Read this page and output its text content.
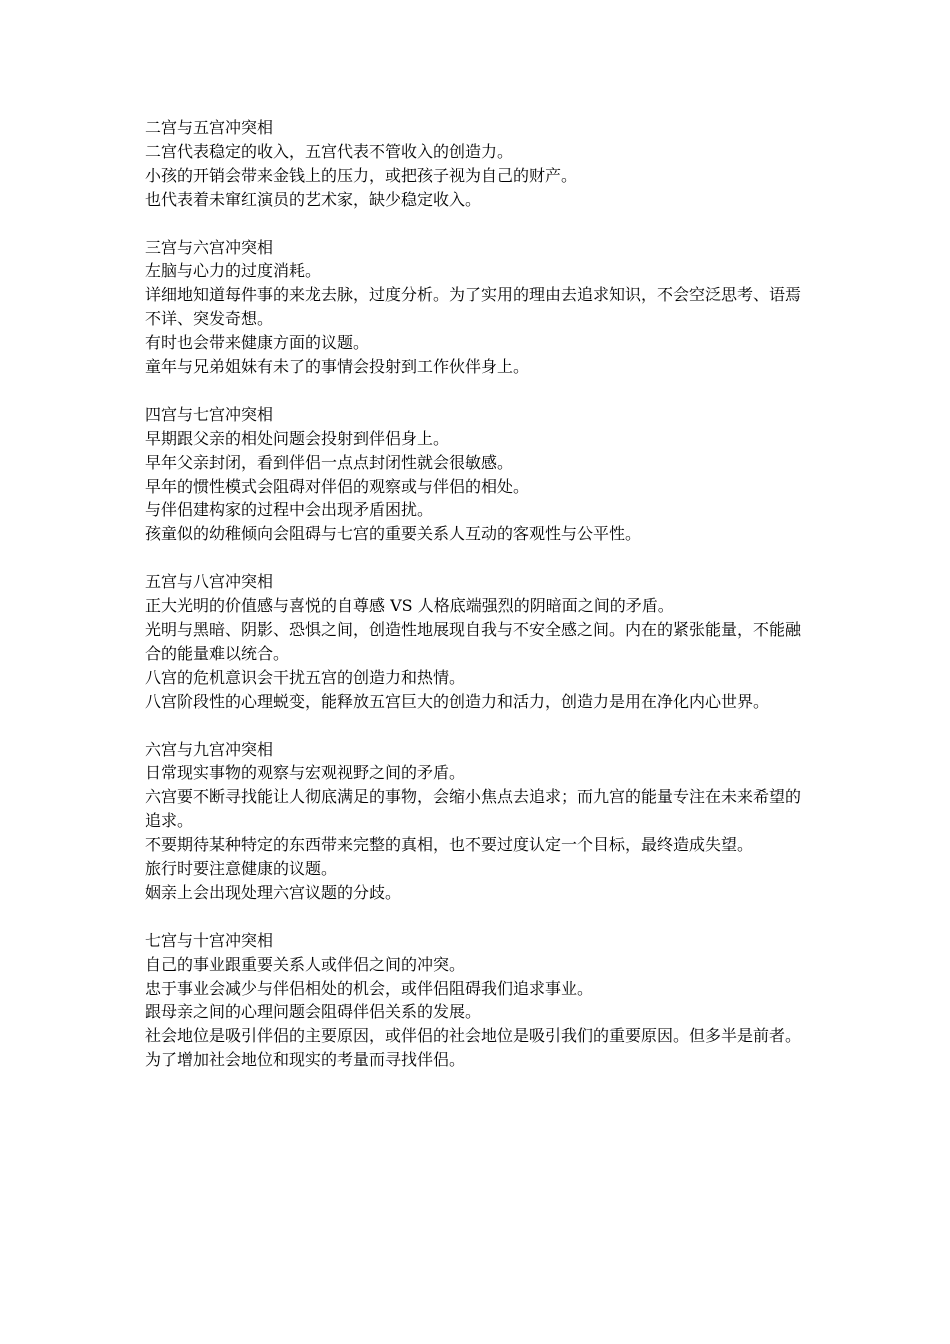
二宫与五宫冲突相
二宫代表稳定的收入，五宫代表不管收入的创造力。
小孩的开销会带来金钱上的压力，或把孩子视为自己的财产。
也代表着未窜红演员的艺术家，缺少稳定收入。
三宫与六宫冲突相
左脑与心力的过度消耗。
详细地知道每件事的来龙去脉，过度分析。为了实用的理由去追求知识，不会空泛思考、语焉不详、突发奇想。
有时也会带来健康方面的议题。
童年与兄弟姐妹有未了的事情会投射到工作伙伴身上。
四宫与七宫冲突相
早期跟父亲的相处问题会投射到伴侣身上。
早年父亲封闭，看到伴侣一点点封闭性就会很敏感。
早年的惯性模式会阻碍对伴侣的观察或与伴侣的相处。
与伴侣建构家的过程中会出现矛盾困扰。
孩童似的幼稚倾向会阻碍与七宫的重要关系人互动的客观性与公平性。
五宫与八宫冲突相
正大光明的价值感与喜悦的自尊感 VS 人格底端强烈的阴暗面之间的矛盾。
光明与黑暗、阴影、恐惧之间，创造性地展现自我与不安全感之间。内在的紧张能量，不能融合的能量难以统合。
八宫的危机意识会干扰五宫的创造力和热情。
八宫阶段性的心理蜕变，能释放五宫巨大的创造力和活力，创造力是用在净化内心世界。
六宫与九宫冲突相
日常现实事物的观察与宏观视野之间的矛盾。
六宫要不断寻找能让人彻底满足的事物，会缩小焦点去追求；而九宫的能量专注在未来希望的追求。
不要期待某种特定的东西带来完整的真相，也不要过度认定一个目标，最终造成失望。
旅行时要注意健康的议题。
姻亲上会出现处理六宫议题的分歧。
七宫与十宫冲突相
自己的事业跟重要关系人或伴侣之间的冲突。
忠于事业会减少与伴侣相处的机会，或伴侣阻碍我们追求事业。
跟母亲之间的心理问题会阻碍伴侣关系的发展。
社会地位是吸引伴侣的主要原因，或伴侣的社会地位是吸引我们的重要原因。但多半是前者。
为了增加社会地位和现实的考量而寻找伴侣。
